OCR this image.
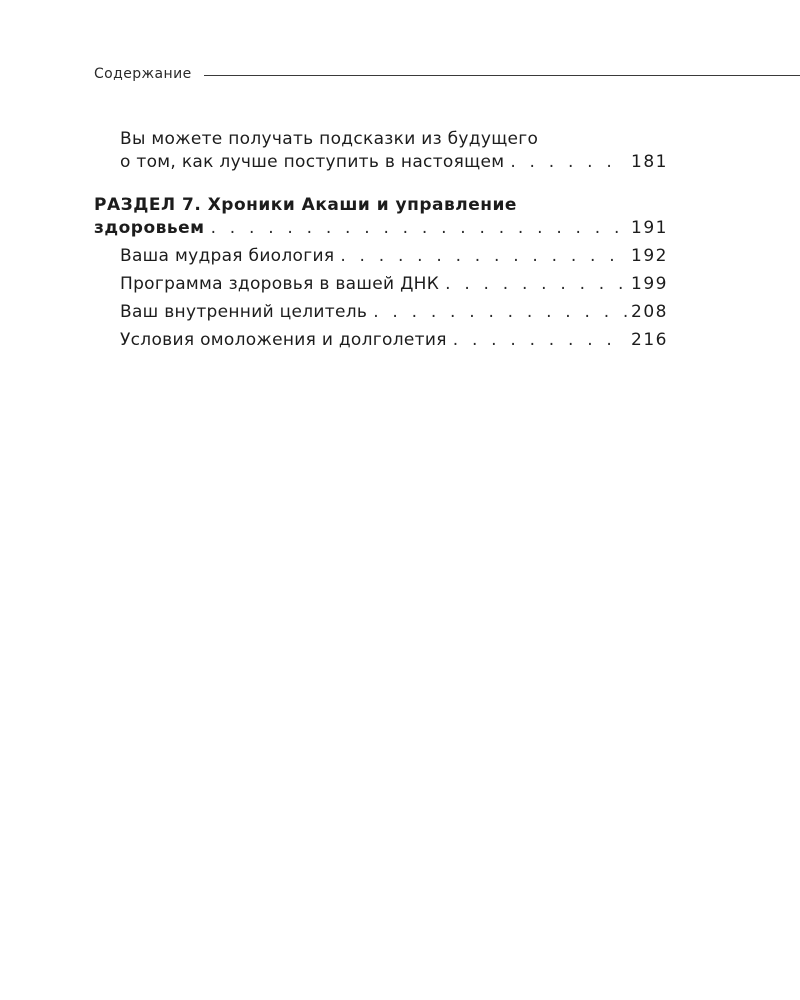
Содержание
Вы можете получать подсказки из будущего
о том, как лучше поступить в настоящем . . .	181
РАЗДЕЛ 7. Хроники Акаши и управление
здоровьем . . .	191
Ваша мудрая биология . . .	192
Программа здоровья в вашей ДНК . . .	199
Ваш внутренний целитель . . .	208
Условия омоложения и долголетия . . .	216
